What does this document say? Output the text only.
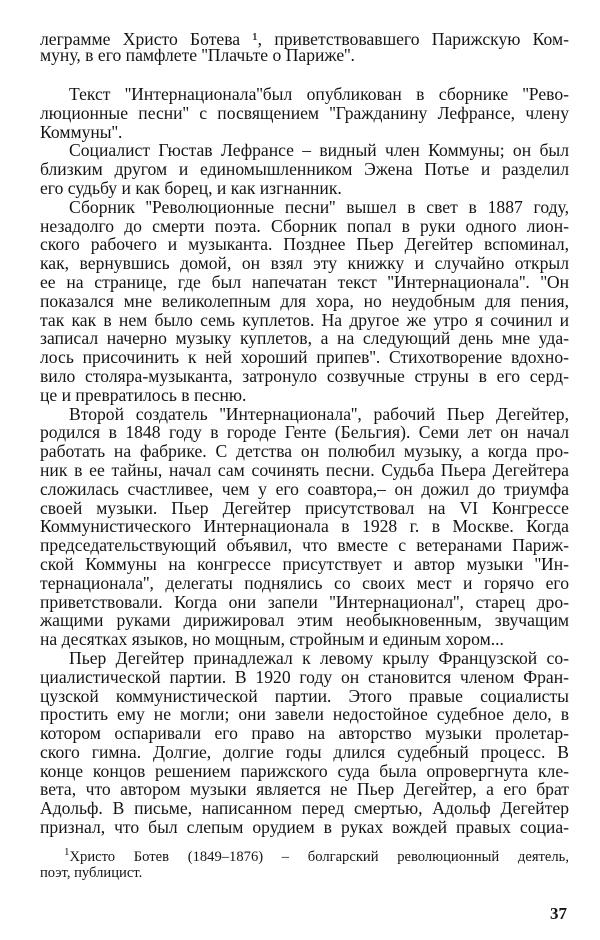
леграмме Христо Ботева ¹, приветствовавшего Парижскую Ком-
муну, в его памфлете ''Плачьте о Париже''.
Текст ''Интернационала''был опубликован в сборнике ''Рево-
люционные песни'' с посвящением ''Гражданину Лефрансе, члену
Коммуны''.
Социалист Гюстав Лефрансе – видный член Коммуны; он был
близким другом и единомышленником Эжена Потье и разделил
его судьбу и как борец, и как изгнанник.
Сборник ''Революционные песни'' вышел в свет в 1887 году,
незадолго до смерти поэта. Сборник попал в руки одного лион-
ского рабочего и музыканта. Позднее Пьер Дегейтер вспоминал,
как, вернувшись домой, он взял эту книжку и случайно открыл
ее на странице, где был напечатан текст ''Интернационала''. ''Он
показался мне великолепным для хора, но неудобным для пения,
так как в нем было семь куплетов. На другое же утро я сочинил и
записал начерно музыку куплетов, а на следующий день мне уда-
лось присочинить к ней хороший припев''. Стихотворение вдохно-
вило столяра-музыканта, затронуло созвучные струны в его серд-
це и превратилось в песню.
Второй создатель ''Интернационала'', рабочий Пьер Дегейтер,
родился в 1848 году в городе Генте (Бельгия). Семи лет он начал
работать на фабрике. С детства он полюбил музыку, а когда про-
ник в ее тайны, начал сам сочинять песни. Судьба Пьера Дегейтера
сложилась счастливее, чем у его соавтора,– он дожил до триумфа
своей музыки. Пьер Дегейтер присутствовал на VI Конгрессе
Коммунистического Интернационала в 1928 г. в Москве. Когда
председательствующий объявил, что вместе с ветеранами Париж-
ской Коммуны на конгрессе присутствует и автор музыки ''Ин-
тернационала'', делегаты поднялись со своих мест и горячо его
приветствовали. Когда они запели ''Интернационал'', старец дро-
жащими руками дирижировал этим необыкновенным, звучащим
на десятках языков, но мощным, стройным и единым хором...
Пьер Дегейтер принадлежал к левому крылу Французской со-
циалистической партии. В 1920 году он становится членом Фран-
цузской коммунистической партии. Этого правые социалисты
простить ему не могли; они завели недостойное судебное дело, в
котором оспаривали его право на авторство музыки пролетар-
ского гимна. Долгие, долгие годы длился судебный процесс. В
конце концов решением парижского суда была опровергнута кле-
вета, что автором музыки является не Пьер Дегейтер, а его брат
Адольф. В письме, написанном перед смертью, Адольф Дегейтер
признал, что был слепым орудием в руках вождей правых социа-
$^1$Христо Ботев (1849–1876) – болгарский революционный деятель,
поэт, публицист.
37
